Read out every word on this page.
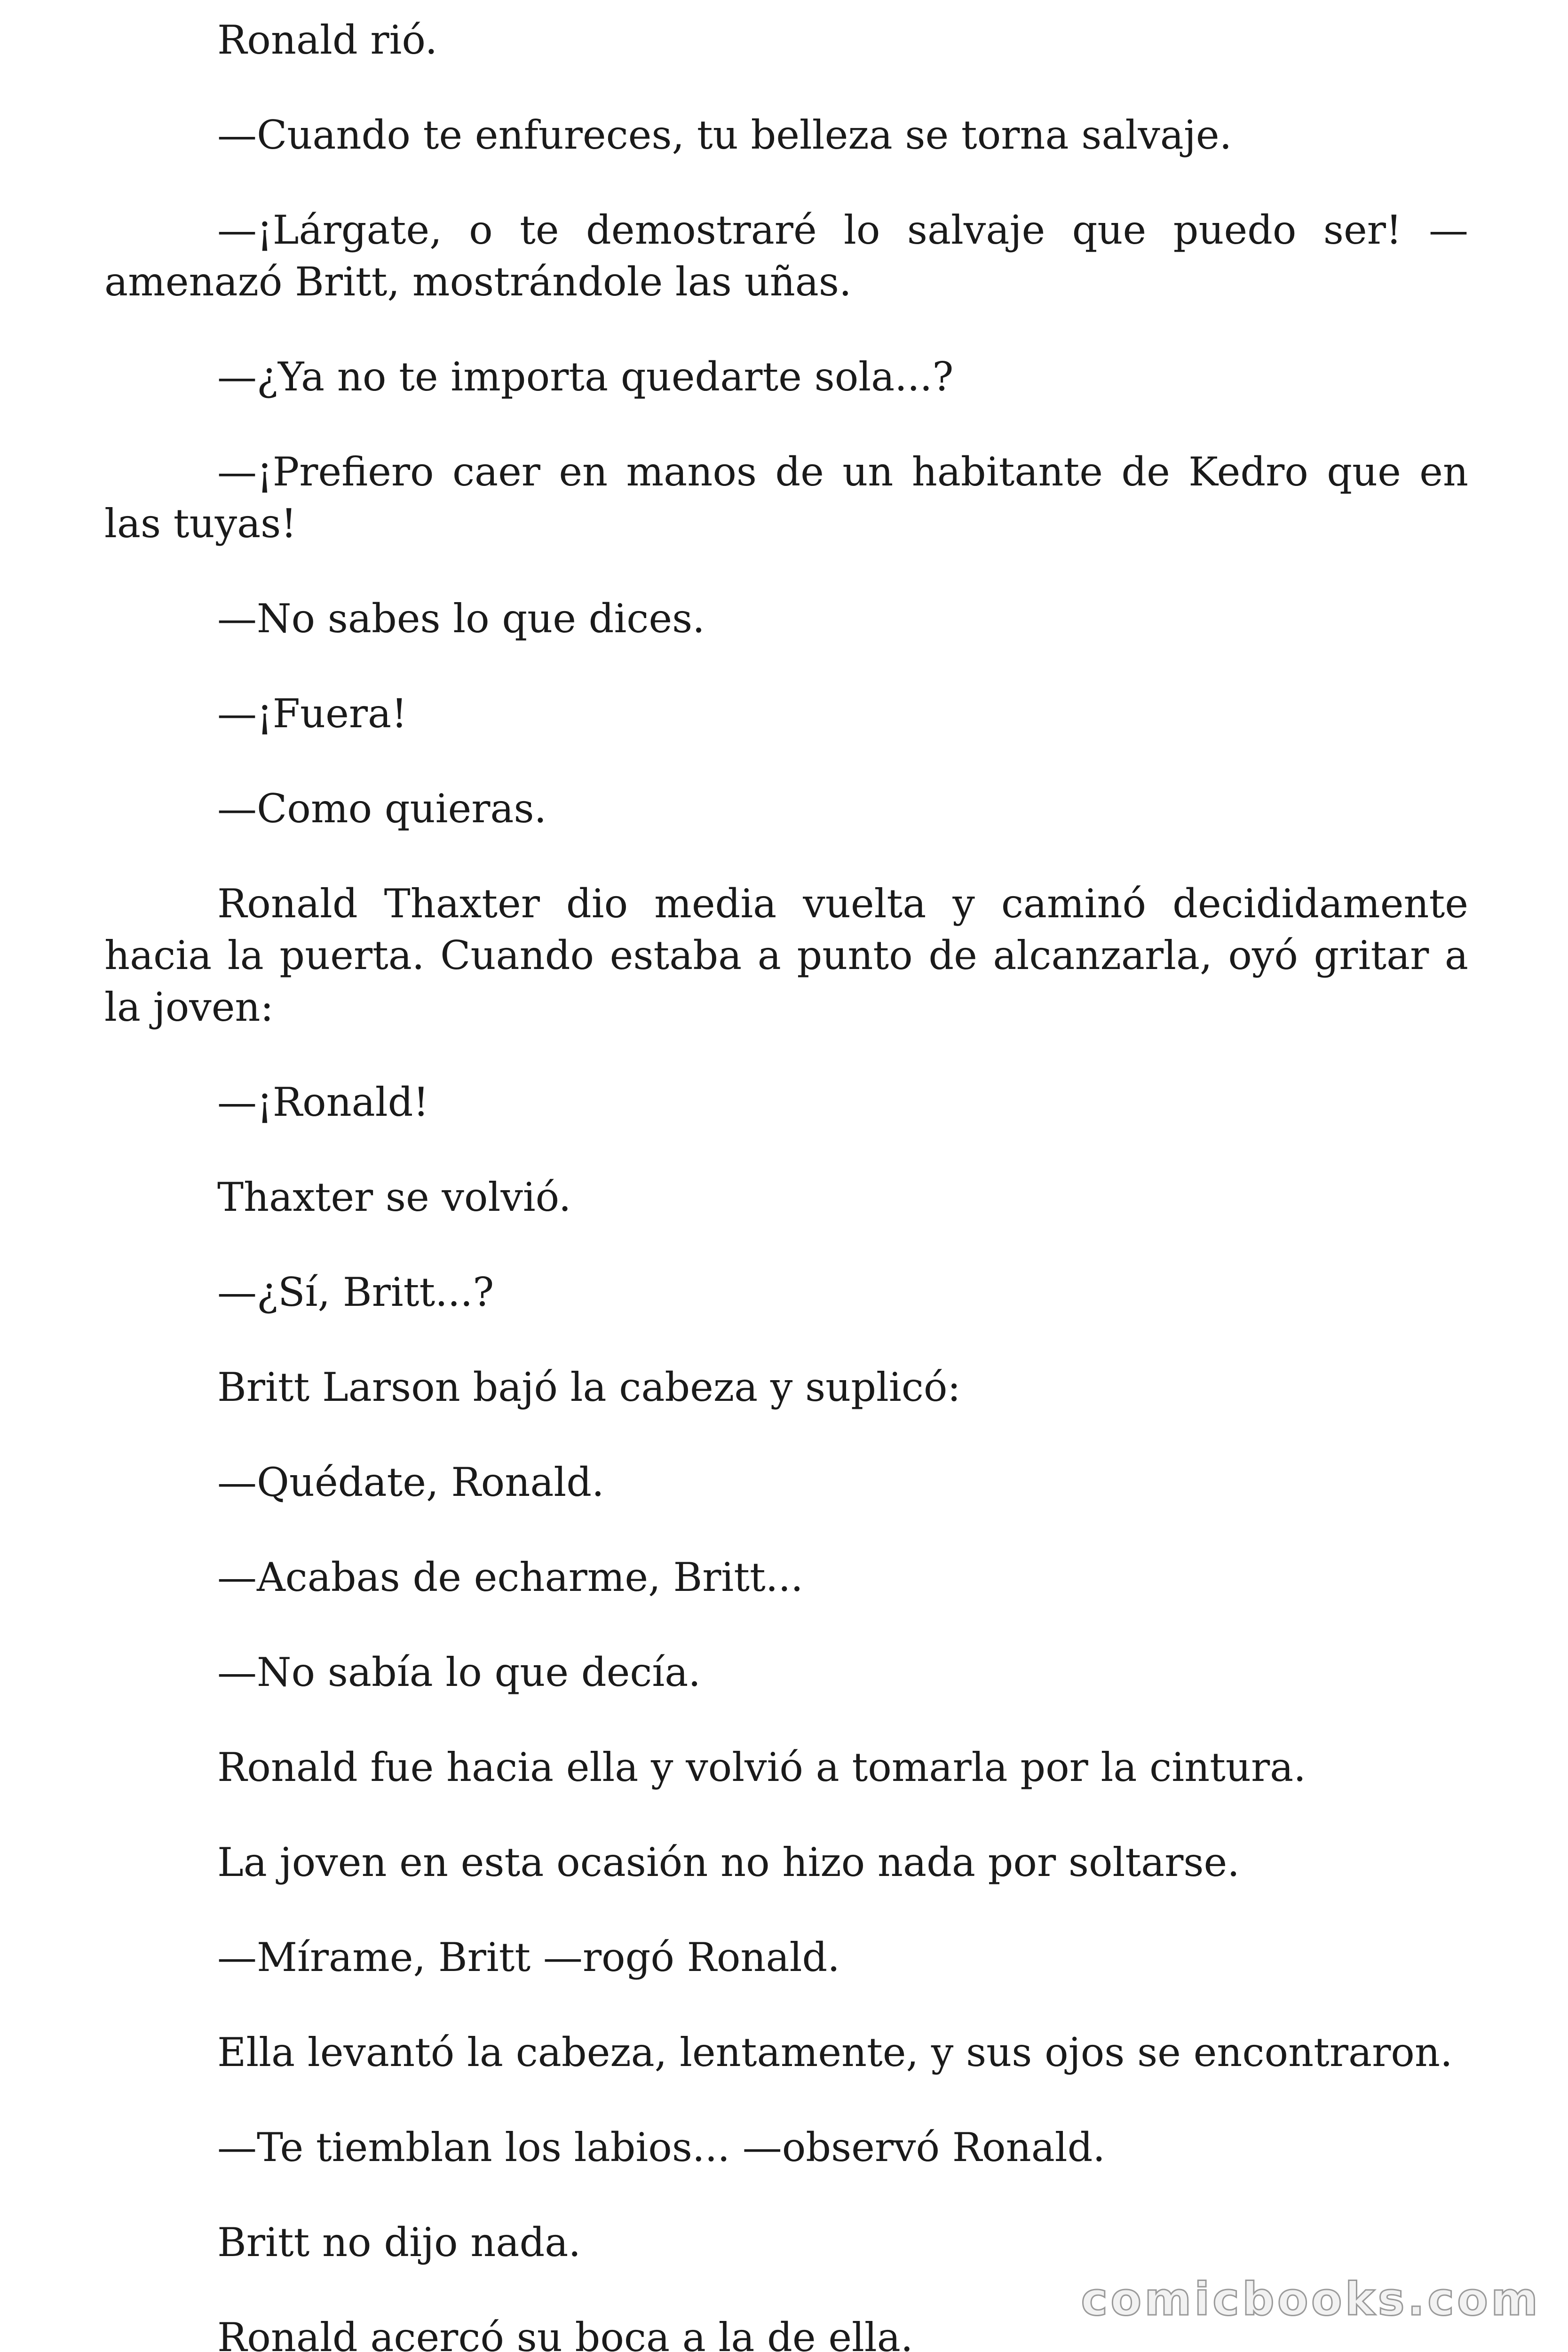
Ronald rió.

—Cuando te enfureces, tu belleza se torna salvaje.

—¡Lárgate, o te demostraré lo salvaje que puedo ser! —amenazó Britt, mostrándole las uñas.

—¿Ya no te importa quedarte sola...?

—¡Prefiero caer en manos de un habitante de Kedro que en las tuyas!

—No sabes lo que dices.

—¡Fuera!

—Como quieras.

Ronald Thaxter dio media vuelta y caminó decididamente hacia la puerta. Cuando estaba a punto de alcanzarla, oyó gritar a la joven:

—¡Ronald!

Thaxter se volvió.

—¿Sí, Britt...?

Britt Larson bajó la cabeza y suplicó:

—Quédate, Ronald.

—Acabas de echarme, Britt...

—No sabía lo que decía.

Ronald fue hacia ella y volvió a tomarla por la cintura.

La joven en esta ocasión no hizo nada por soltarse.

—Mírame, Britt —rogó Ronald.

Ella levantó la cabeza, lentamente, y sus ojos se encontraron.

—Te tiemblan los labios... —observó Ronald.

Britt no dijo nada.

Ronald acercó su boca a la de ella.

comicbooks.com
